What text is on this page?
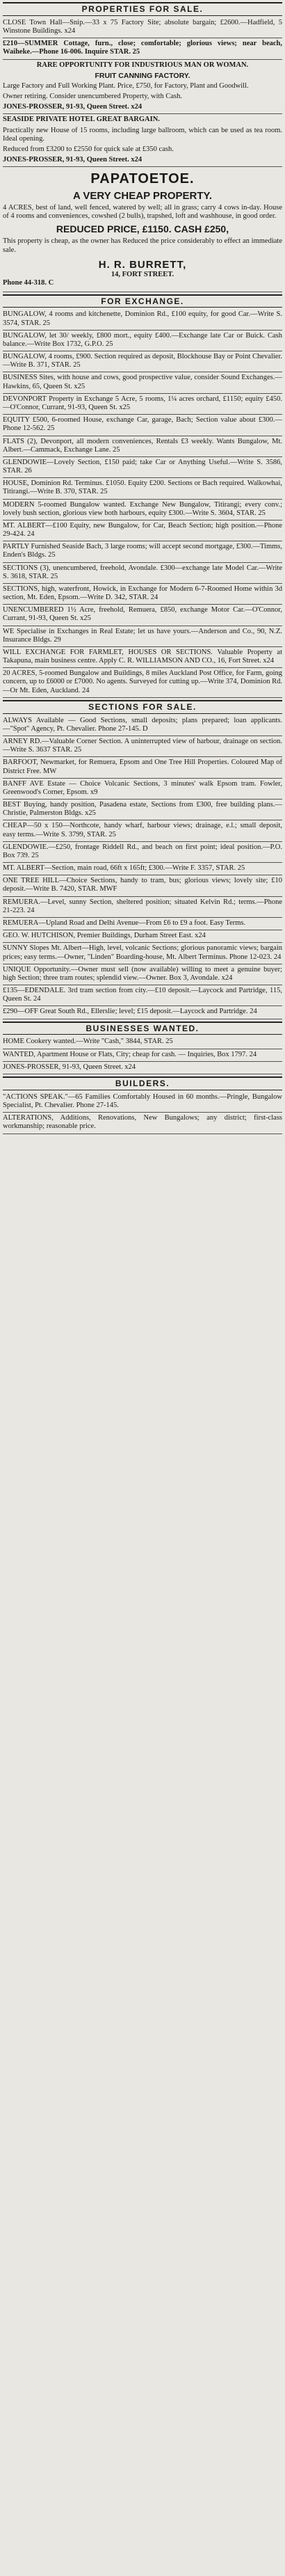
PROPERTIES FOR SALE.

CLOSE Town Hall—Snip.—33 x 75 Factory Site; absolute bargain; £2600.—Hadfield, 5 Winstone Buildings. x24

£210—SUMMER Cottage, furn., close; comfortable; glorious views; near beach, Waiheke.—Phone 16-006. Inquire STAR. 25

RARE OPPORTUNITY FOR INDUSTRIOUS MAN OR WOMAN.

FRUIT CANNING FACTORY.

Large Factory and Full Working Plant. Price, £750, for Factory, Plant and Goodwill.

Owner retiring. Consider unencumbered Property, with Cash.

JONES-PROSSER, 91-93, Queen Street. x24

SEASIDE PRIVATE HOTEL GREAT BARGAIN.

Practically new House of 15 rooms, including large ballroom, which can be used as tea room. Ideal opening.

Reduced from £3200 to £2550 for quick sale at £350 cash.

JONES-PROSSER, 91-93, Queen Street. x24

PAPATOETOE.

A VERY CHEAP PROPERTY.

4 ACRES, best of land, well fenced, watered by well; all in grass; carry 4 cows in-day. House of 4 rooms and conveniences, cowshed (2 bulls), trapshed, loft and washhouse, in good order.

REDUCED PRICE, £1150. CASH £250,

This property is cheap, as the owner has Reduced the price considerably to effect an immediate sale.

H. R. BURRETT,

14, FORT STREET.

Phone 44-318. C

FOR EXCHANGE.

BUNGALOW, 4 rooms and kitchenette, Dominion Rd., £100 equity, for good Car.—Write S. 3574, STAR. 25

BUNGALOW, let 30/ weekly, £800 mort., equity £400.—Exchange late Car or Buick. Cash balance.—Write Box 1732, G.P.O. 25

BUNGALOW, 4 rooms, £900. Section required as deposit, Blockhouse Bay or Point Chevalier.—Write B. 371, STAR. 25

BUSINESS Sites, with house and cows, good prospective value, consider Sound Exchanges.—Hawkins, 65, Queen St. x25

DEVONPORT Property in Exchange 5 Acre, 5 rooms, 1¼ acres orchard, £1150; equity £450.—O'Connor, Currant, 91-93, Queen St. x25

EQUITY £500, 6-roomed House, exchange Car, garage, Bach; Section value about £300.—Phone 12-562. 25

FLATS (2), Devonport, all modern conveniences, Rentals £3 weekly. Wants Bungalow, Mt. Albert.—Cammack, Exchange Lane. 25

GLENDOWIE—Lovely Section, £150 paid; take Car or Anything Useful.—Write S. 3586, STAR. 26

HOUSE, Dominion Rd. Terminus. £1050. Equity £200. Sections or Bach required. Walkowhai, Titirangi.—Write B. 370, STAR. 25

MODERN 5-roomed Bungalow wanted. Exchange New Bungalow, Titirangi; every conv.; lovely bush section, glorious view both harbours, equity £300.—Write S. 3604, STAR. 25

MT. ALBERT—£100 Equity, new Bungalow, for Car, Beach Section; high position.—Phone 29-424. 24

PARTLY Furnished Seaside Bach, 3 large rooms; will accept second mortgage, £300.—Timms, Enden's Bldgs. 25

SECTIONS (3), unencumbered, freehold, Avondale. £300—exchange late Model Car.—Write S. 3618, STAR. 25

SECTIONS, high, waterfront, Howick, in Exchange for Modern 6-7-Roomed Home within 3d section, Mt. Eden, Epsom.—Write D. 342, STAR. 24

UNENCUMBERED 1½ Acre, freehold, Remuera, £850, exchange Motor Car.—O'Connor, Currant, 91-93, Queen St. x25

WE Specialise in Exchanges in Real Estate; let us have yours.—Anderson and Co., 90, N.Z. Insurance Bldgs. 29

WILL EXCHANGE FOR FARMLET, HOUSES OR SECTIONS. Valuable Property at Takapuna, main business centre. Apply C. R. WILLIAMSON AND CO., 16, Fort Street. x24

20 ACRES, 5-roomed Bungalow and Buildings, 8 miles Auckland Post Office, for Farm, going concern, up to £6000 or £7000. No agents. Surveyed for cutting up.—Write 374, Dominion Rd.—Or Mt. Eden, Auckland. 24

SECTIONS FOR SALE.

ALWAYS Available — Good Sections, small deposits; plans prepared; loan applicants.—"Spot" Agency, Pt. Chevalier. Phone 27-145. D

ARNEY RD.—Valuable Corner Section. A uninterrupted view of harbour, drainage on section.—Write S. 3637 STAR. 25

BARFOOT, Newmarket, for Remuera, Epsom and One Tree Hill Properties. Coloured Map of District Free. MW

BANFF AVE Estate — Choice Volcanic Sections, 3 minutes' walk Epsom tram. Fowler, Greenwood's Corner, Epsom. x9

BEST Buying, handy position, Pasadena estate, Sections from £300, free building plans.—Christie, Palmerston Bldgs. x25

CHEAP—50 x 150—Northcote, handy wharf, harbour views; drainage, e.l.; small deposit, easy terms.—Write S. 3799, STAR. 25

GLENDOWIE.—£250, frontage Riddell Rd., and beach on first point; ideal position.—P.O. Box 739. 25

MT. ALBERT—Section, main road, 66ft x 165ft; £300.—Write F. 3357, STAR. 25

ONE TREE HILL—Choice Sections, handy to tram, bus; glorious views; lovely site; £10 deposit.—Write B. 7420, STAR. MWF

REMUERA.—Level, sunny Section, sheltered position; situated Kelvin Rd.; terms.—Phone 21-223. 24

REMUERA—Upland Road and Delhi Avenue—From £6 to £9 a foot. Easy Terms.

GEO. W. HUTCHISON, Premier Buildings, Durham Street East. x24

SUNNY Slopes Mt. Albert—High, level, volcanic Sections; glorious panoramic views; bargain prices; easy terms.—Owner, "Linden" Boarding-house, Mt. Albert Terminus. Phone 12-023. 24

UNIQUE Opportunity.—Owner must sell (now available) willing to meet a genuine buyer; high Section; three tram routes; splendid view.—Owner. Box 3, Avondale. x24

£135—EDENDALE. 3rd tram section from city.—£10 deposit.—Laycock and Partridge, 115, Queen St. 24

£290—OFF Great South Rd., Ellerslie; level; £15 deposit.—Laycock and Partridge. 24

BUSINESSES WANTED.

HOME Cookery wanted.—Write "Cash," 3844, STAR. 25

WANTED, Apartment House or Flats, City; cheap for cash. — Inquiries, Box 1797. 24

JONES-PROSSER, 91-93, Queen Street. x24

BUILDERS.

"ACTIONS SPEAK."—65 Families Comfortably Housed in 60 months.—Pringle, Bungalow Specialist, Pt. Chevalier. Phone 27-145.

ALTERATIONS, Additions, Renovations, New Bungalows; any district; first-class workmanship; reasonable price.
